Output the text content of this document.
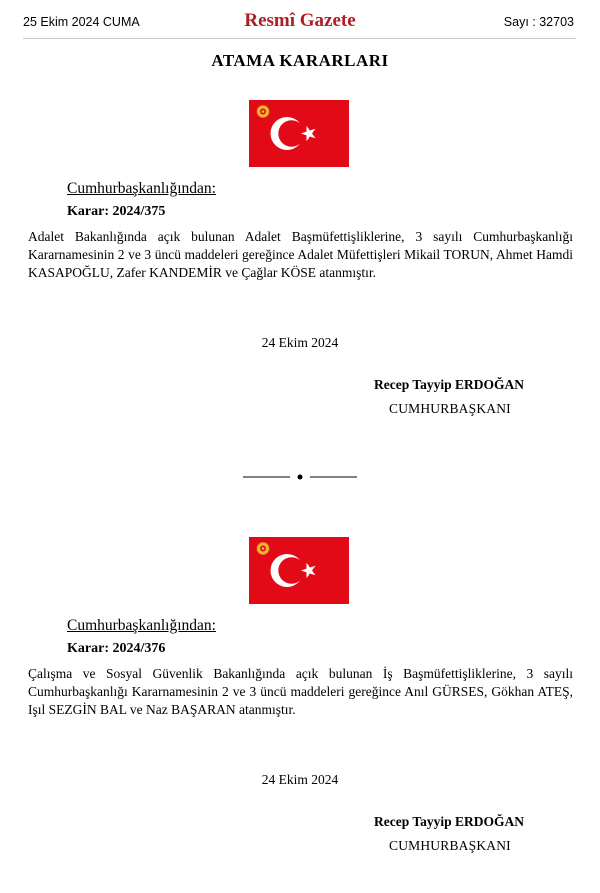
25 Ekim 2024 CUMA	Resmî Gazete	Sayı : 32703
ATAMA KARARLARI
Cumhurbaşkanlığından:
Karar: 2024/375
Adalet Bakanlığında açık bulunan Adalet Başmüfettişliklerine, 3 sayılı Cumhurbaşkanlığı Kararnamesinin 2 ve 3 üncü maddeleri gereğince Adalet Müfettişleri Mikail TORUN, Ahmet Hamdi KASAPOĞLU, Zafer KANDEMİR ve Çağlar KÖSE atanmıştır.
24 Ekim 2024
Recep Tayyip ERDOĞAN
CUMHURBAŞKANI
Cumhurbaşkanlığından:
Karar: 2024/376
Çalışma ve Sosyal Güvenlik Bakanlığında açık bulunan İş Başmüfettişliklerine, 3 sayılı Cumhurbaşkanlığı Kararnamesinin 2 ve 3 üncü maddeleri gereğince Anıl GÜRSES, Gökhan ATEŞ, Işıl SEZGİN BAL ve Naz BAŞARAN atanmıştır.
24 Ekim 2024
Recep Tayyip ERDOĞAN
CUMHURBAŞKANI
